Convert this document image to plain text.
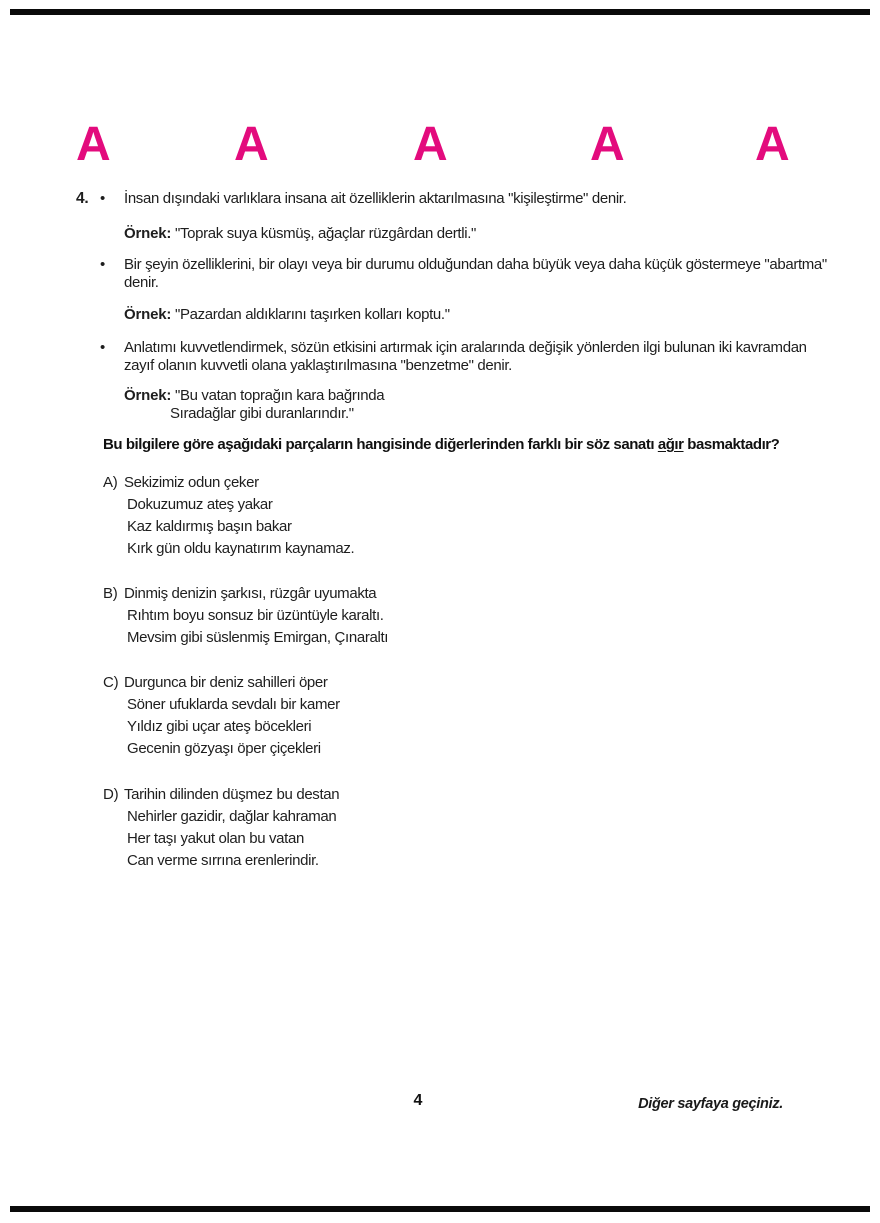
A	A	A	A	A
4. • İnsan dışındaki varlıklara insana ait özelliklerin aktarılmasına "kişileştirme" denir.
Örnek: "Toprak suya küsmüş, ağaçlar rüzgârdan dertli."
• Bir şeyin özelliklerini, bir olayı veya bir durumu olduğundan daha büyük veya daha küçük göstermeye "abartma"
denir.
Örnek: "Pazardan aldıklarını taşırken kolları koptu."
• Anlatımı kuvvetlendirmek, sözün etkisini artırmak için aralarında değişik yönlerden ilgi bulunan iki kavramdan
zayıf olanın kuvvetli olana yaklaştırılmasına "benzetme" denir.
Örnek: "Bu vatan toprağın kara bağrında
Sıradağlar gibi duranlarındır."
Bu bilgilere göre aşağıdaki parçaların hangisinde diğerlerinden farklı bir söz sanatı ağır basmaktadır?
A) Sekizimiz odun çeker
Dokuzumuz ateş yakar
Kaz kaldırmış başın bakar
Kırk gün oldu kaynatırım kaynamaz.
B) Dinmiş denizin şarkısı, rüzgâr uyumakta
Rıhtım boyu sonsuz bir üzüntüyle karaltı.
Mevsim gibi süslenmiş Emirgan, Çınaraltı
C) Durgunca bir deniz sahilleri öper
Söner ufuklarda sevdalı bir kamer
Yıldız gibi uçar ateş böcekleri
Gecenin gözyaşı öper çiçekleri
D) Tarihin dilinden düşmez bu destan
Nehirler gazidir, dağlar kahraman
Her taşı yakut olan bu vatan
Can verme sırrına erenlerindir.
4	Diğer sayfaya geçiniz.
